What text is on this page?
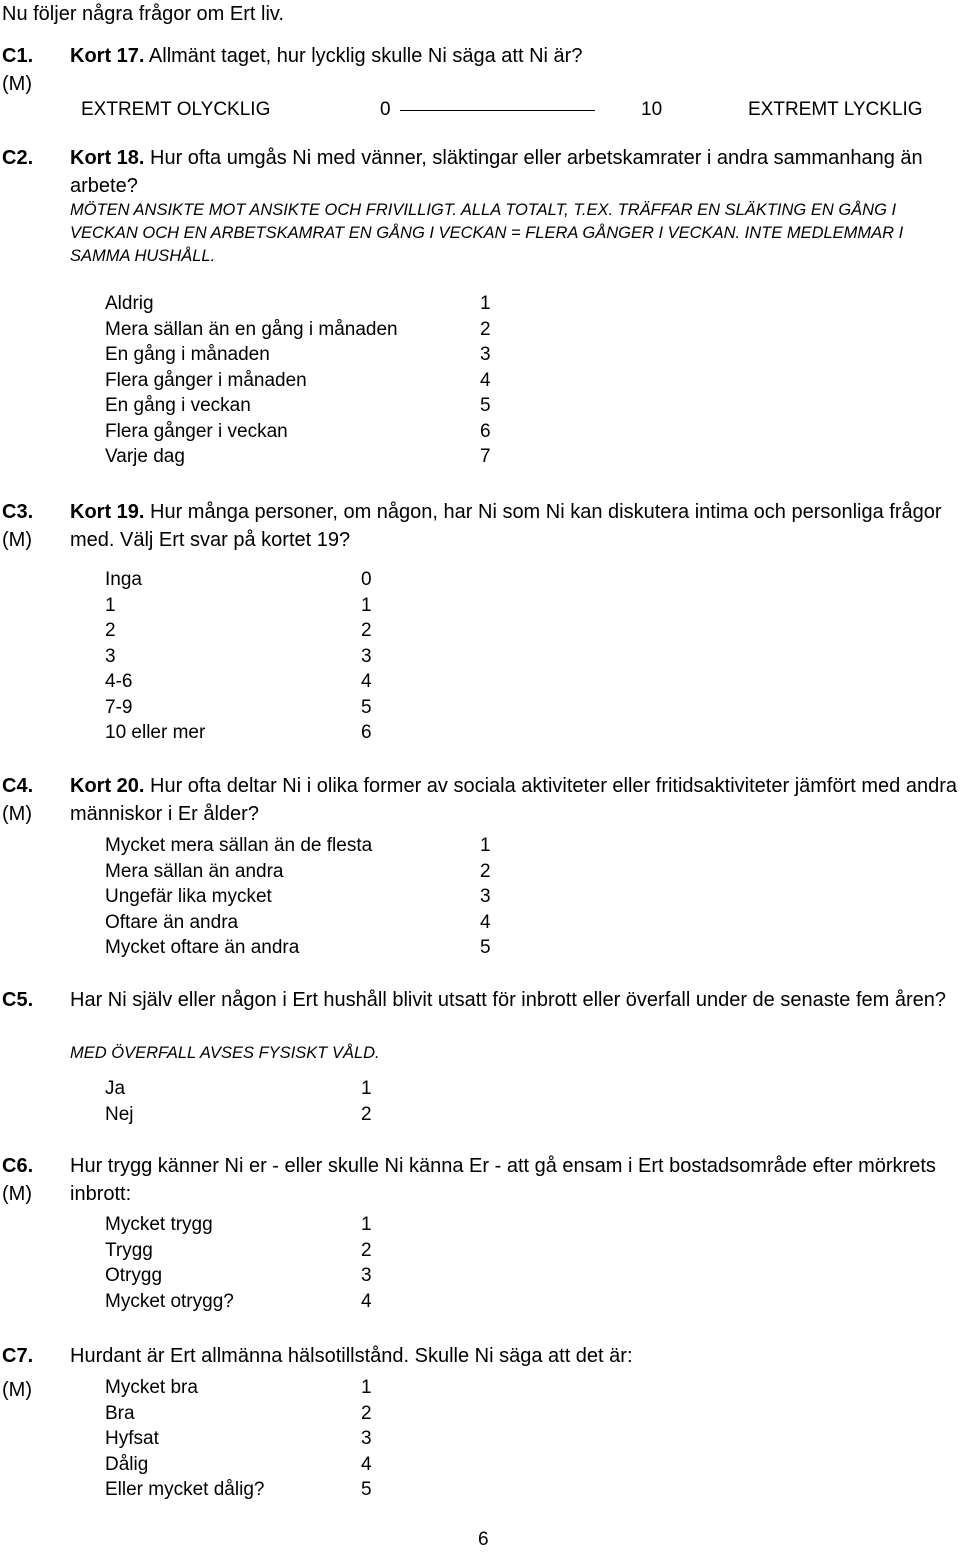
Nu följer några frågor om Ert liv.
C1.
(M)
Kort 17. Allmänt taget, hur lycklig skulle Ni säga att Ni är?
EXTREMT OLYCKLIG	0	10	EXTREMT LYCKLIG
C2. Kort 18. Hur ofta umgås Ni med vänner, släktingar eller arbetskamrater i andra sammanhang än arbete?
MÖTEN ANSIKTE MOT ANSIKTE OCH FRIVILLIGT. ALLA TOTALT, T.EX. TRÄFFAR EN SLÄKTING EN GÅNG I VECKAN OCH EN ARBETSKAMRAT EN GÅNG I VECKAN = FLERA GÅNGER I VECKAN. INTE MEDLEMMAR I SAMMA HUSHÅLL.
Aldrig	1
Mera sällan än en gång i månaden	2
En gång i månaden	3
Flera gånger i månaden	4
En gång i veckan	5
Flera gånger i veckan	6
Varje dag	7
C3.
(M)
Kort 19. Hur många personer, om någon, har Ni som Ni kan diskutera intima och personliga frågor med. Välj Ert svar på kortet 19?
Inga	0
1	1
2	2
3	3
4-6	4
7-9	5
10 eller mer	6
C4.
(M)
Kort 20. Hur ofta deltar Ni i olika former av sociala aktiviteter eller fritidsaktiviteter jämfört med andra människor i Er ålder?
Mycket mera sällan än de flesta	1
Mera sällan än andra	2
Ungefär lika mycket	3
Oftare än andra	4
Mycket oftare än andra	5
C5. Har Ni själv eller någon i Ert hushåll blivit utsatt för inbrott eller överfall under de senaste fem åren?
MED ÖVERFALL AVSES FYSISKT VÅLD.
Ja	1
Nej	2
C6.
(M)
Hur trygg känner Ni er - eller skulle Ni känna Er - att gå ensam i Ert bostadsområde efter mörkrets inbrott:
Mycket trygg	1
Trygg	2
Otrygg	3
Mycket otrygg?	4
C7.
(M)
Hurdant är Ert allmänna hälsotillstånd. Skulle Ni säga att det är:
Mycket bra	1
Bra	2
Hyfsat	3
Dålig	4
Eller mycket dålig?	5
6
